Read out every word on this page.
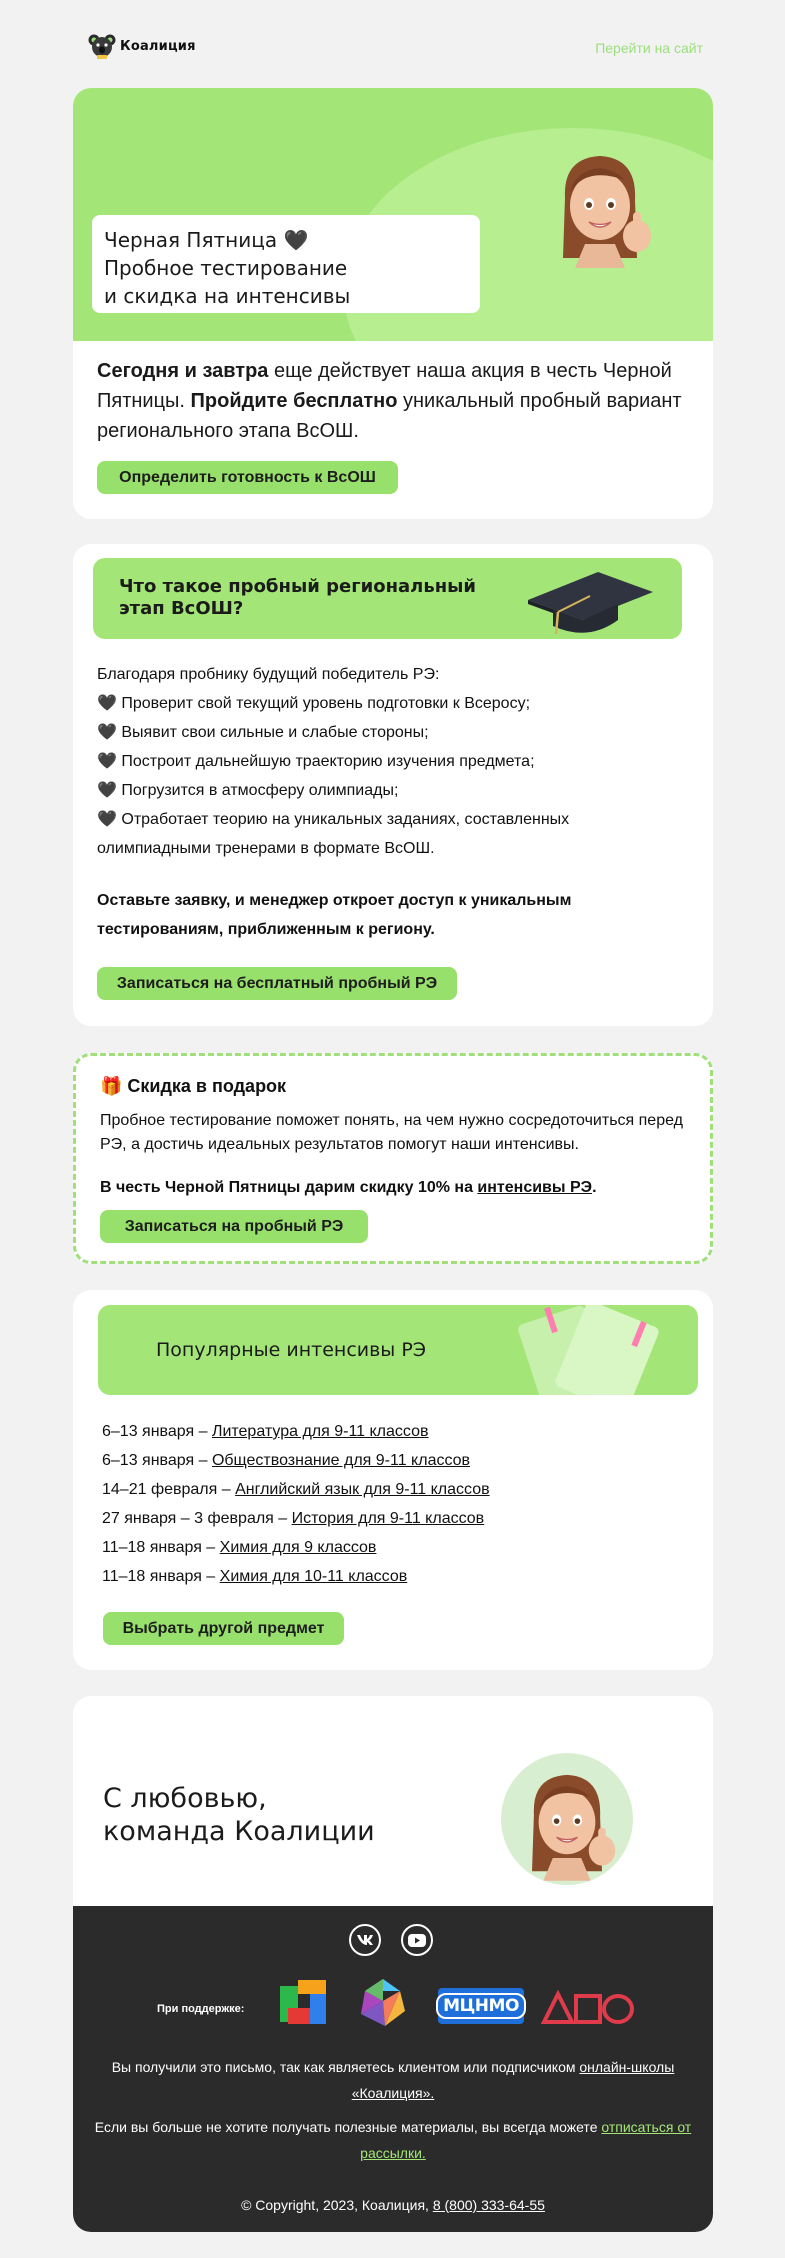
Коалиция	Перейти на сайт
Черная Пятница 🖤
Пробное тестирование
и скидка на интенсивы
Сегодня и завтра еще действует наша акция в честь Черной Пятницы. Пройдите бесплатно уникальный пробный вариант регионального этапа ВсОШ.
Определить готовность к ВсОШ
Что такое пробный региональный этап ВсОШ?
Благодаря пробнику будущий победитель РЭ:
🖤 Проверит свой текущий уровень подготовки к Всеросу;
🖤 Выявит свои сильные и слабые стороны;
🖤 Построит дальнейшую траекторию изучения предмета;
🖤 Погрузится в атмосферу олимпиады;
🖤 Отработает теорию на уникальных заданиях, составленных олимпиадными тренерами в формате ВсОШ.
Оставьте заявку, и менеджер откроет доступ к уникальным тестированиям, приближенным к региону.
Записаться на бесплатный пробный РЭ
🎁 Скидка в подарок
Пробное тестирование поможет понять, на чем нужно сосредоточиться перед РЭ, а достичь идеальных результатов помогут наши интенсивы.
В честь Черной Пятницы дарим скидку 10% на интенсивы РЭ.
Записаться на пробный РЭ
Популярные интенсивы РЭ
6–13 января – Литература для 9-11 классов
6–13 января – Обществознание для 9-11 классов
14–21 февраля – Английский язык для 9-11 классов
27 января – 3 февраля – История для 9-11 классов
11–18 января – Химия для 9 классов
11–18 января – Химия для 10-11 классов
Выбрать другой предмет
С любовью,
команда Коалиции
При поддержке:	МЦНМО
Вы получили это письмо, так как являетесь клиентом или подписчиком онлайн-школы «Коалиция».
Если вы больше не хотите получать полезные материалы, вы всегда можете отписаться от рассылки.
© Copyright, 2023, Коалиция, 8 (800) 333-64-55
